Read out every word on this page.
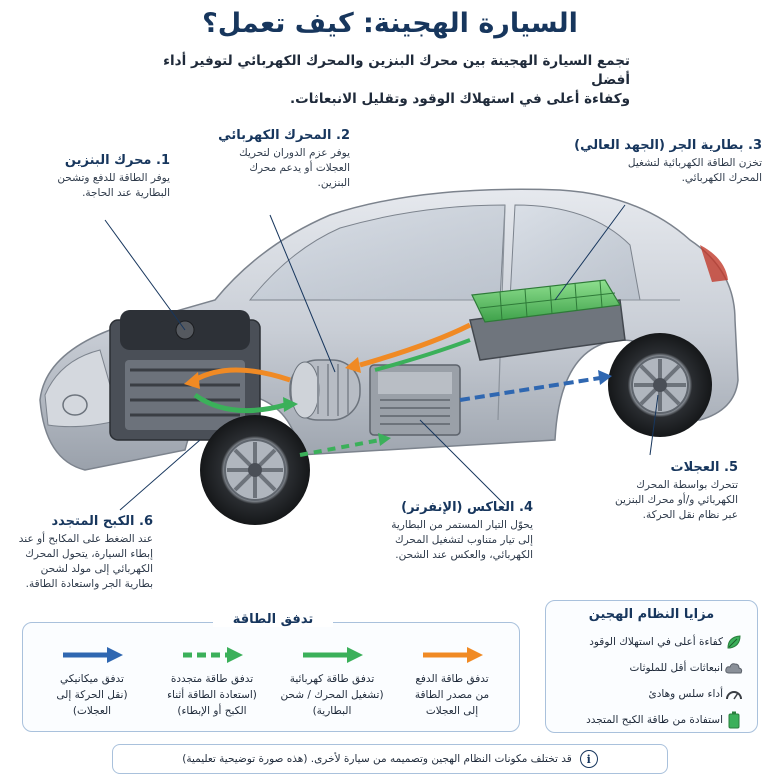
السيارة الهجينة: كيف تعمل؟
تجمع السيارة الهجينة بين محرك البنزين والمحرك الكهربائي لتوفير أداء أفضل
وكفاءة أعلى في استهلاك الوقود وتقليل الانبعاثات.
1. محرك البنزين
يوفر الطاقة للدفع وتشحن
البطارية عند الحاجة.
2. المحرك الكهربائي
يوفر عزم الدوران لتحريك
العجلات أو يدعم محرك
البنزين.
3. بطارية الجر (الجهد العالي)
تخزن الطاقة الكهربائية لتشغيل
المحرك الكهربائي.
4. العاكس (الإنفرتر)
يحوّل التيار المستمر من البطارية
إلى تيار متناوب لتشغيل المحرك
الكهربائي، والعكس عند الشحن.
5. العجلات
تتحرك بواسطة المحرك
الكهربائي و/أو محرك البنزين
عبر نظام نقل الحركة.
6. الكبح المتجدد
عند الضغط على المكابح أو عند
إبطاء السيارة، يتحول المحرك
الكهربائي إلى مولد لشحن
بطارية الجر واستعادة الطاقة.
تدفق الطاقة
تدفق ميكانيكي
(نقل الحركة إلى
العجلات)
تدفق طاقة متجددة
(استعادة الطاقة أثناء
الكبح أو الإبطاء)
تدفق طاقة كهربائية
(تشغيل المحرك / شحن
البطارية)
تدفق طاقة الدفع
من مصدر الطاقة
إلى العجلات
مزايا النظام الهجين
كفاءة أعلى في استهلاك الوقود
انبعاثات أقل للملوثات
أداء سلس وهادئ
استفادة من طاقة الكبح المتجدد
i
قد تختلف مكونات النظام الهجين وتصميمه من سيارة لأخرى. (هذه صورة توضيحية تعليمية)
